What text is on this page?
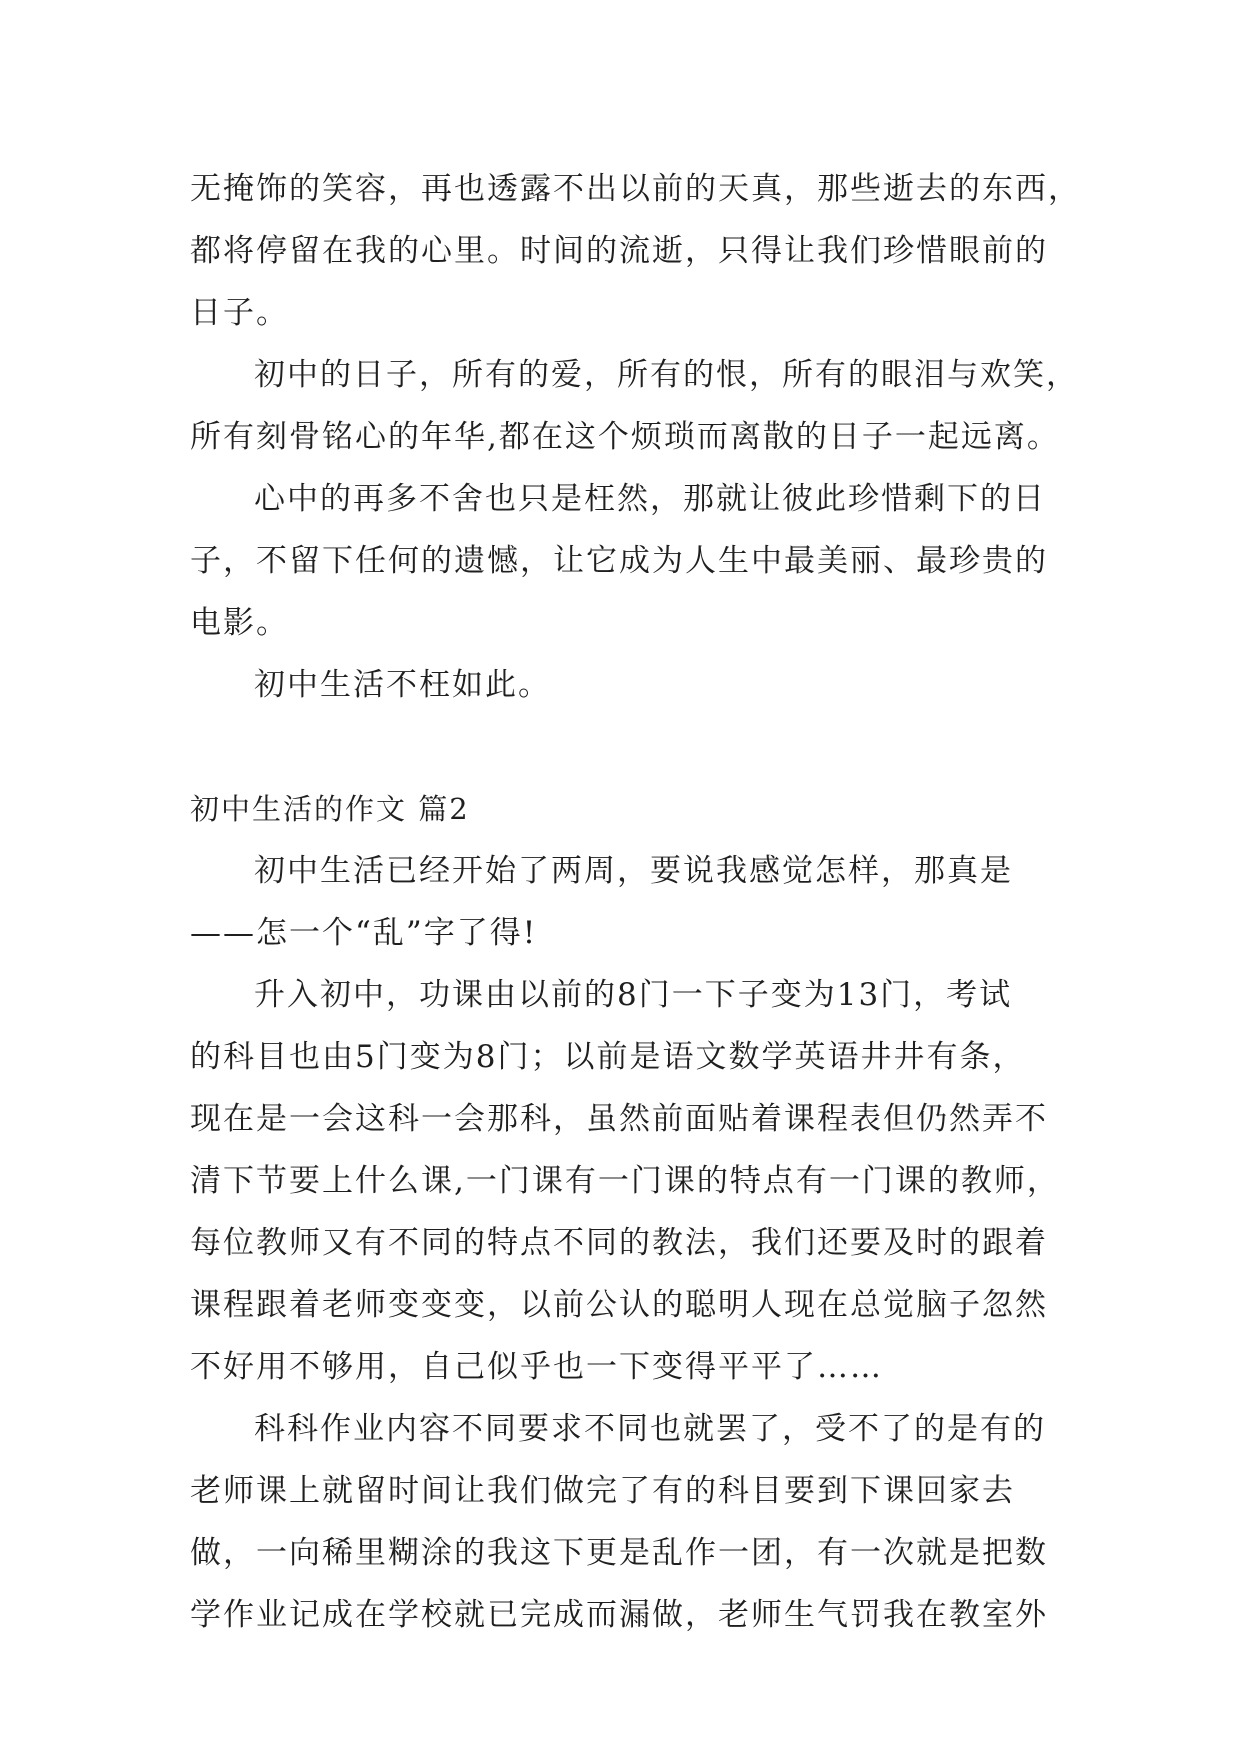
无掩饰的笑容，再也透露不出以前的天真，那些逝去的东西，
都将停留在我的心里。时间的流逝，只得让我们珍惜眼前的
日子。
初中的日子，所有的爱，所有的恨，所有的眼泪与欢笑，
所有刻骨铭心的年华,都在这个烦琐而离散的日子一起远离。
心中的再多不舍也只是枉然，那就让彼此珍惜剩下的日
子，不留下任何的遗憾，让它成为人生中最美丽、最珍贵的
电影。
初中生活不枉如此。
初中生活的作文 篇2
初中生活已经开始了两周，要说我感觉怎样，那真是
——怎一个“乱”字了得!
升入初中，功课由以前的8门一下子变为13门，考试
的科目也由5门变为8门；以前是语文数学英语井井有条，
现在是一会这科一会那科，虽然前面贴着课程表但仍然弄不
清下节要上什么课,一门课有一门课的特点有一门课的教师，
每位教师又有不同的特点不同的教法，我们还要及时的跟着
课程跟着老师变变变，以前公认的聪明人现在总觉脑子忽然
不好用不够用，自己似乎也一下变得平平了……
科科作业内容不同要求不同也就罢了，受不了的是有的
老师课上就留时间让我们做完了有的科目要到下课回家去
做，一向稀里糊涂的我这下更是乱作一团，有一次就是把数
学作业记成在学校就已完成而漏做，老师生气罚我在教室外
